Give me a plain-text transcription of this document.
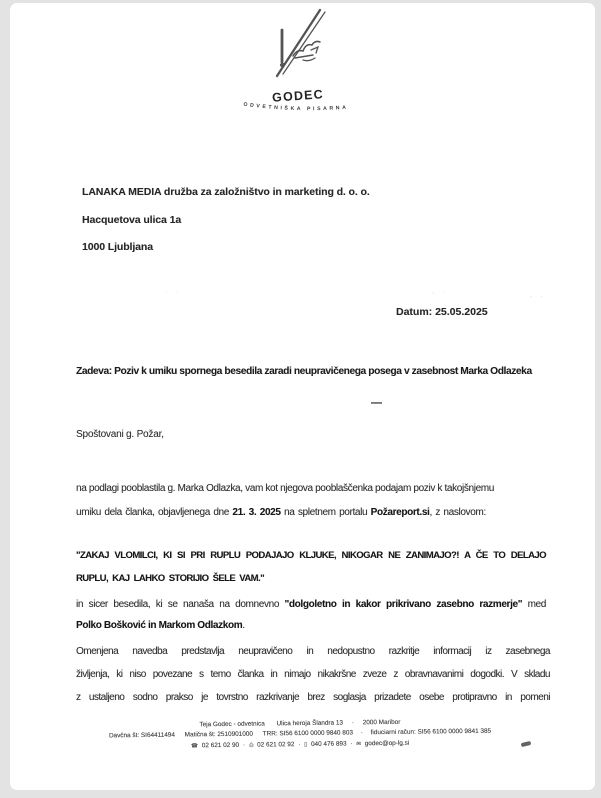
GODEC
ODVETNIŠKA PISARNA
LANAKA MEDIA družba za založništvo in marketing d. o. o.
Hacquetova ulica 1a
1000 Ljubljana
· ·	, .	, .
Datum: 25.05.2025
Zadeva: Poziv k umiku spornega besedila zaradi neupravičenega posega v zasebnost Marka Odlazeka
—
Spoštovani g. Požar,
na podlagi pooblastila g. Marka Odlazka, vam kot njegova pooblaščenka podajam poziv k takojšnjemu
umiku dela članka, objavljenega dne 21. 3. 2025 na spletnem portalu Požareport.si, z naslovom:
"ZAKAJ VLOMILCI, KI SI PRI RUPLU PODAJAJO KLJUKE, NIKOGAR NE ZANIMAJO?! A ČE TO DELAJO
RUPLU, KAJ LAHKO STORIJIO ŠELE VAM."
in sicer besedila, ki se nanaša na domnevno "dolgoletno in kakor prikrivano zasebno razmerje" med
Polko Bošković in Markom Odlazkom.
Omenjena navedba predstavlja neupravičeno in nedopustno razkritje informacij iz zasebnega
življenja, ki niso povezane s temo članka in nimajo nikakršne zveze z obravnavanimi dogodki. V skladu
z ustaljeno sodno prakso je tovrstno razkrivanje brez soglasja prizadete osebe protipravno in pomeni
Teja Godec - odvetnica Ulica heroja Šlandra 13 · 2000 Maribor
Davčna št: SI64411494 Matična št: 2510901000 TRR: SI56 6100 0000 9840 803 · fiduciarni račun: SI56 6100 0000 9841 385
☎ 02 621 02 90 · ⎙ 02 621 02 92 · ▯ 040 476 893 · ✉ godec@op-lg.si
